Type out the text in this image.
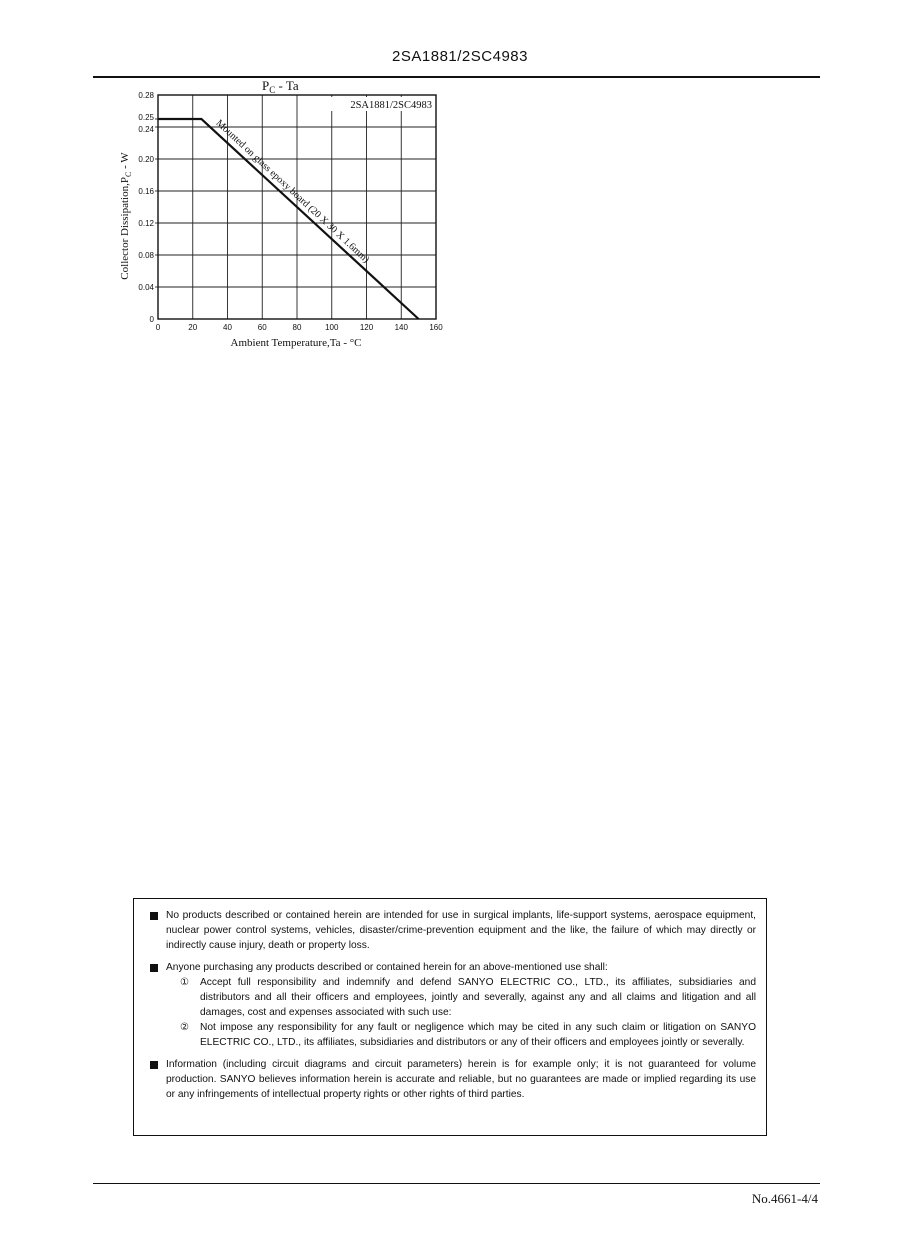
2SA1881/2SC4983
$P_C$ - Ta
0	20	40	60	80	100	120	140	160
0
0.04
0.08
0.12
0.16
0.20
0.24
0.25
0.28
2SA1881/2SC4983
Mounted on glass epoxy board (20 X 30 X 1.6mm)
Ambient Temperature,Ta - °C
Collector $Dissipation,P_C$ - W
No products described or contained herein are intended for use in surgical implants, life-support systems, aerospace equipment, nuclear power control systems, vehicles, disaster/crime-prevention equipment and the like, the failure of which may directly or indirectly cause injury, death or property loss.
Anyone purchasing any products described or contained herein for an above-mentioned use shall:
① Accept full responsibility and indemnify and defend SANYO ELECTRIC CO., LTD., its affiliates, subsidiaries and distributors and all their officers and employees, jointly and severally, against any and all claims and litigation and all damages, cost and expenses associated with such use:
② Not impose any responsibility for any fault or negligence which may be cited in any such claim or litigation on SANYO ELECTRIC CO., LTD., its affiliates, subsidiaries and distributors or any of their officers and employees jointly or severally.
Information (including circuit diagrams and circuit parameters) herein is for example only; it is not guaranteed for volume production. SANYO believes information herein is accurate and reliable, but no guarantees are made or implied regarding its use or any infringements of intellectual property rights or other rights of third parties.
No.4661-4/4
